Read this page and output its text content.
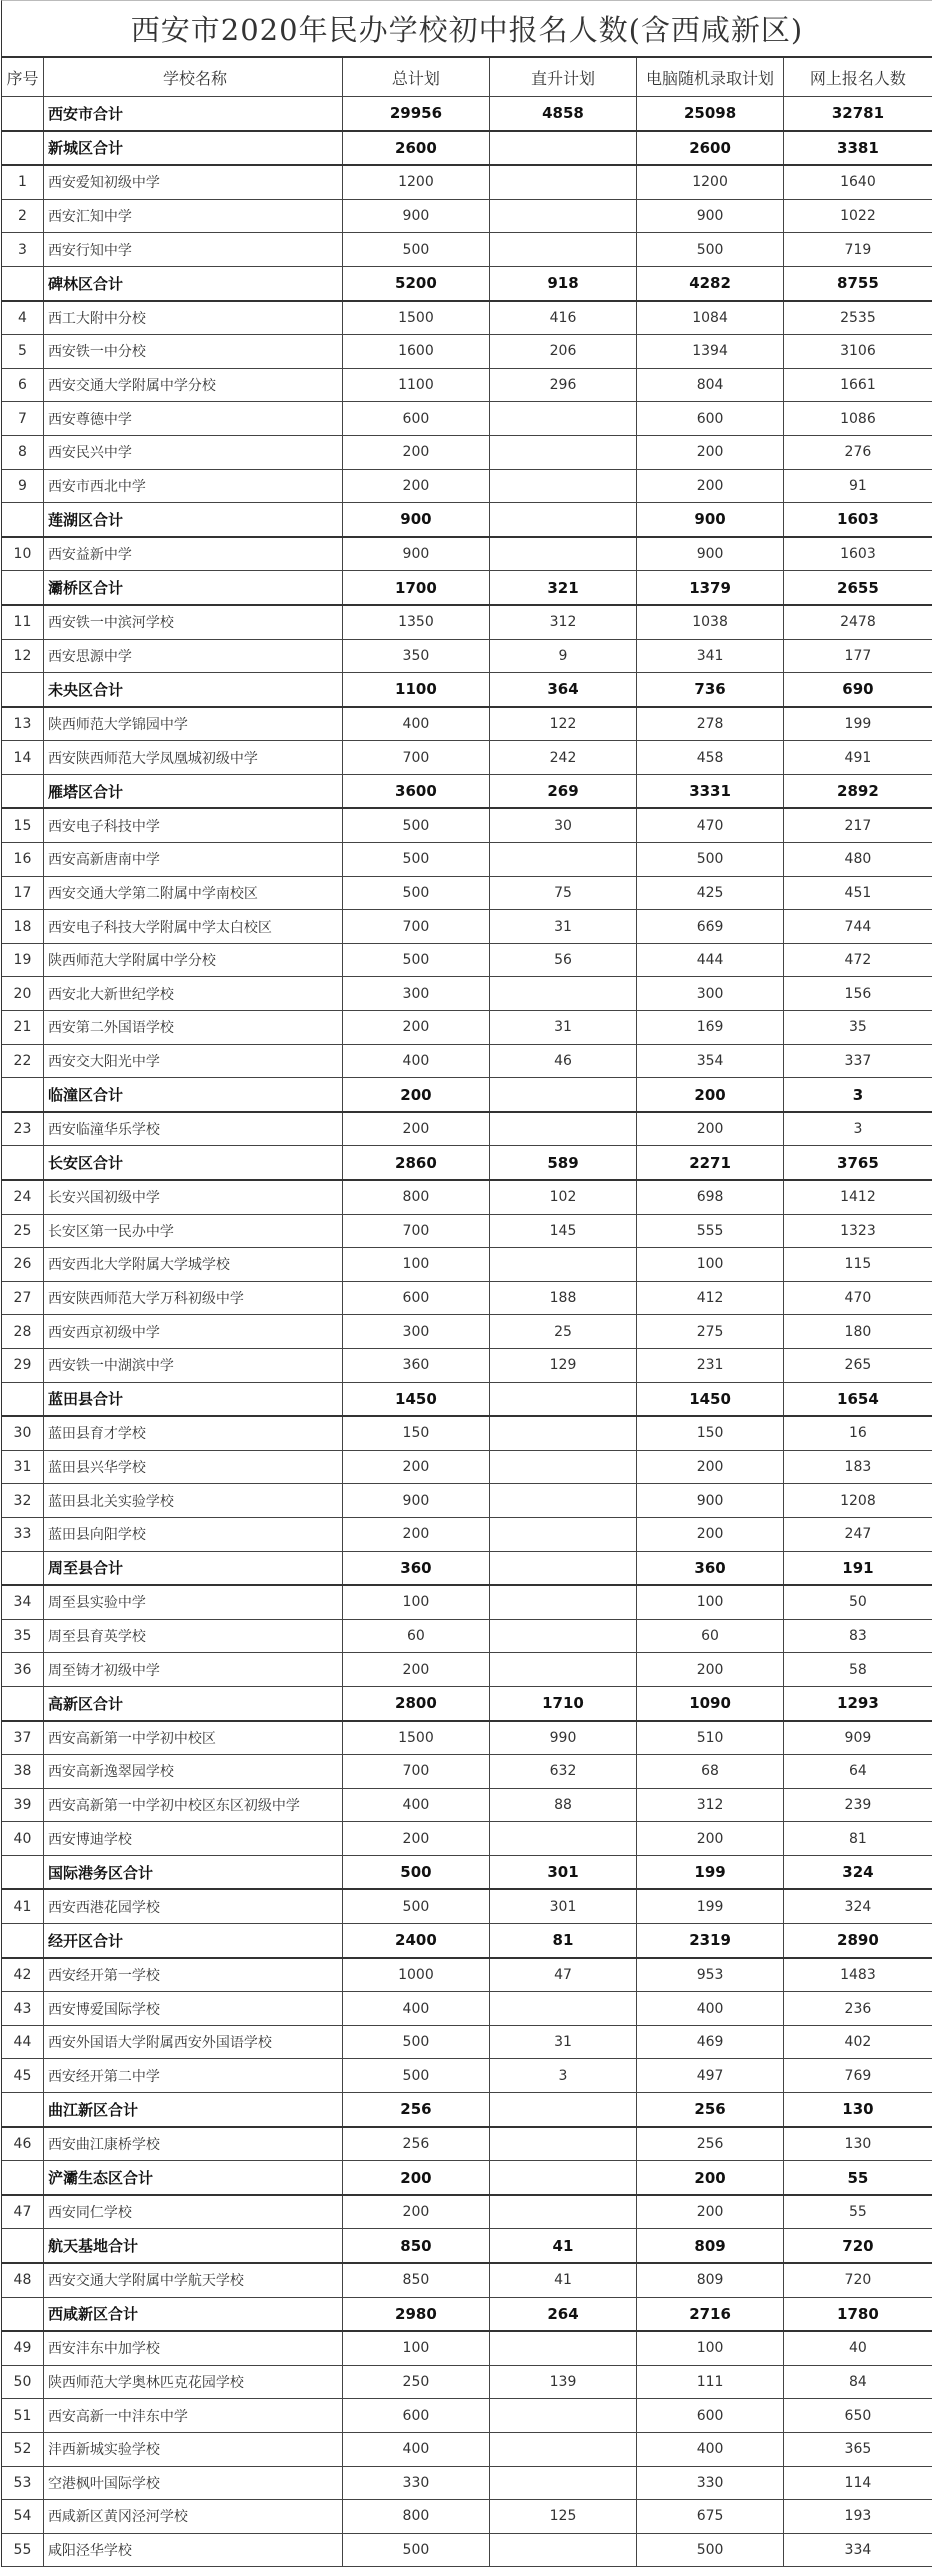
西安市2020年民办学校初中报名人数(含西咸新区)
序号	学校名称	总计划	直升计划	电脑随机录取计划	网上报名人数
	西安市合计	29956	4858	25098	32781
	新城区合计	2600		2600	3381
1	西安爱知初级中学	1200		1200	1640
2	西安汇知中学	900		900	1022
3	西安行知中学	500		500	719
	碑林区合计	5200	918	4282	8755
4	西工大附中分校	1500	416	1084	2535
5	西安铁一中分校	1600	206	1394	3106
6	西安交通大学附属中学分校	1100	296	804	1661
7	西安尊德中学	600		600	1086
8	西安民兴中学	200		200	276
9	西安市西北中学	200		200	91
	莲湖区合计	900		900	1603
10	西安益新中学	900		900	1603
	灞桥区合计	1700	321	1379	2655
11	西安铁一中滨河学校	1350	312	1038	2478
12	西安思源中学	350	9	341	177
	未央区合计	1100	364	736	690
13	陕西师范大学锦园中学	400	122	278	199
14	西安陕西师范大学凤凰城初级中学	700	242	458	491
	雁塔区合计	3600	269	3331	2892
15	西安电子科技中学	500	30	470	217
16	西安高新唐南中学	500		500	480
17	西安交通大学第二附属中学南校区	500	75	425	451
18	西安电子科技大学附属中学太白校区	700	31	669	744
19	陕西师范大学附属中学分校	500	56	444	472
20	西安北大新世纪学校	300		300	156
21	西安第二外国语学校	200	31	169	35
22	西安交大阳光中学	400	46	354	337
	临潼区合计	200		200	3
23	西安临潼华乐学校	200		200	3
	长安区合计	2860	589	2271	3765
24	长安兴国初级中学	800	102	698	1412
25	长安区第一民办中学	700	145	555	1323
26	西安西北大学附属大学城学校	100		100	115
27	西安陕西师范大学万科初级中学	600	188	412	470
28	西安西京初级中学	300	25	275	180
29	西安铁一中湖滨中学	360	129	231	265
	蓝田县合计	1450		1450	1654
30	蓝田县育才学校	150		150	16
31	蓝田县兴华学校	200		200	183
32	蓝田县北关实验学校	900		900	1208
33	蓝田县向阳学校	200		200	247
	周至县合计	360		360	191
34	周至县实验中学	100		100	50
35	周至县育英学校	60		60	83
36	周至铸才初级中学	200		200	58
	高新区合计	2800	1710	1090	1293
37	西安高新第一中学初中校区	1500	990	510	909
38	西安高新逸翠园学校	700	632	68	64
39	西安高新第一中学初中校区东区初级中学	400	88	312	239
40	西安博迪学校	200		200	81
	国际港务区合计	500	301	199	324
41	西安西港花园学校	500	301	199	324
	经开区合计	2400	81	2319	2890
42	西安经开第一学校	1000	47	953	1483
43	西安博爱国际学校	400		400	236
44	西安外国语大学附属西安外国语学校	500	31	469	402
45	西安经开第二中学	500	3	497	769
	曲江新区合计	256		256	130
46	西安曲江康桥学校	256		256	130
	浐灞生态区合计	200		200	55
47	西安同仁学校	200		200	55
	航天基地合计	850	41	809	720
48	西安交通大学附属中学航天学校	850	41	809	720
	西咸新区合计	2980	264	2716	1780
49	西安沣东中加学校	100		100	40
50	陕西师范大学奥林匹克花园学校	250	139	111	84
51	西安高新一中沣东中学	600		600	650
52	沣西新城实验学校	400		400	365
53	空港枫叶国际学校	330		330	114
54	西咸新区黄冈泾河学校	800	125	675	193
55	咸阳泾华学校	500		500	334
